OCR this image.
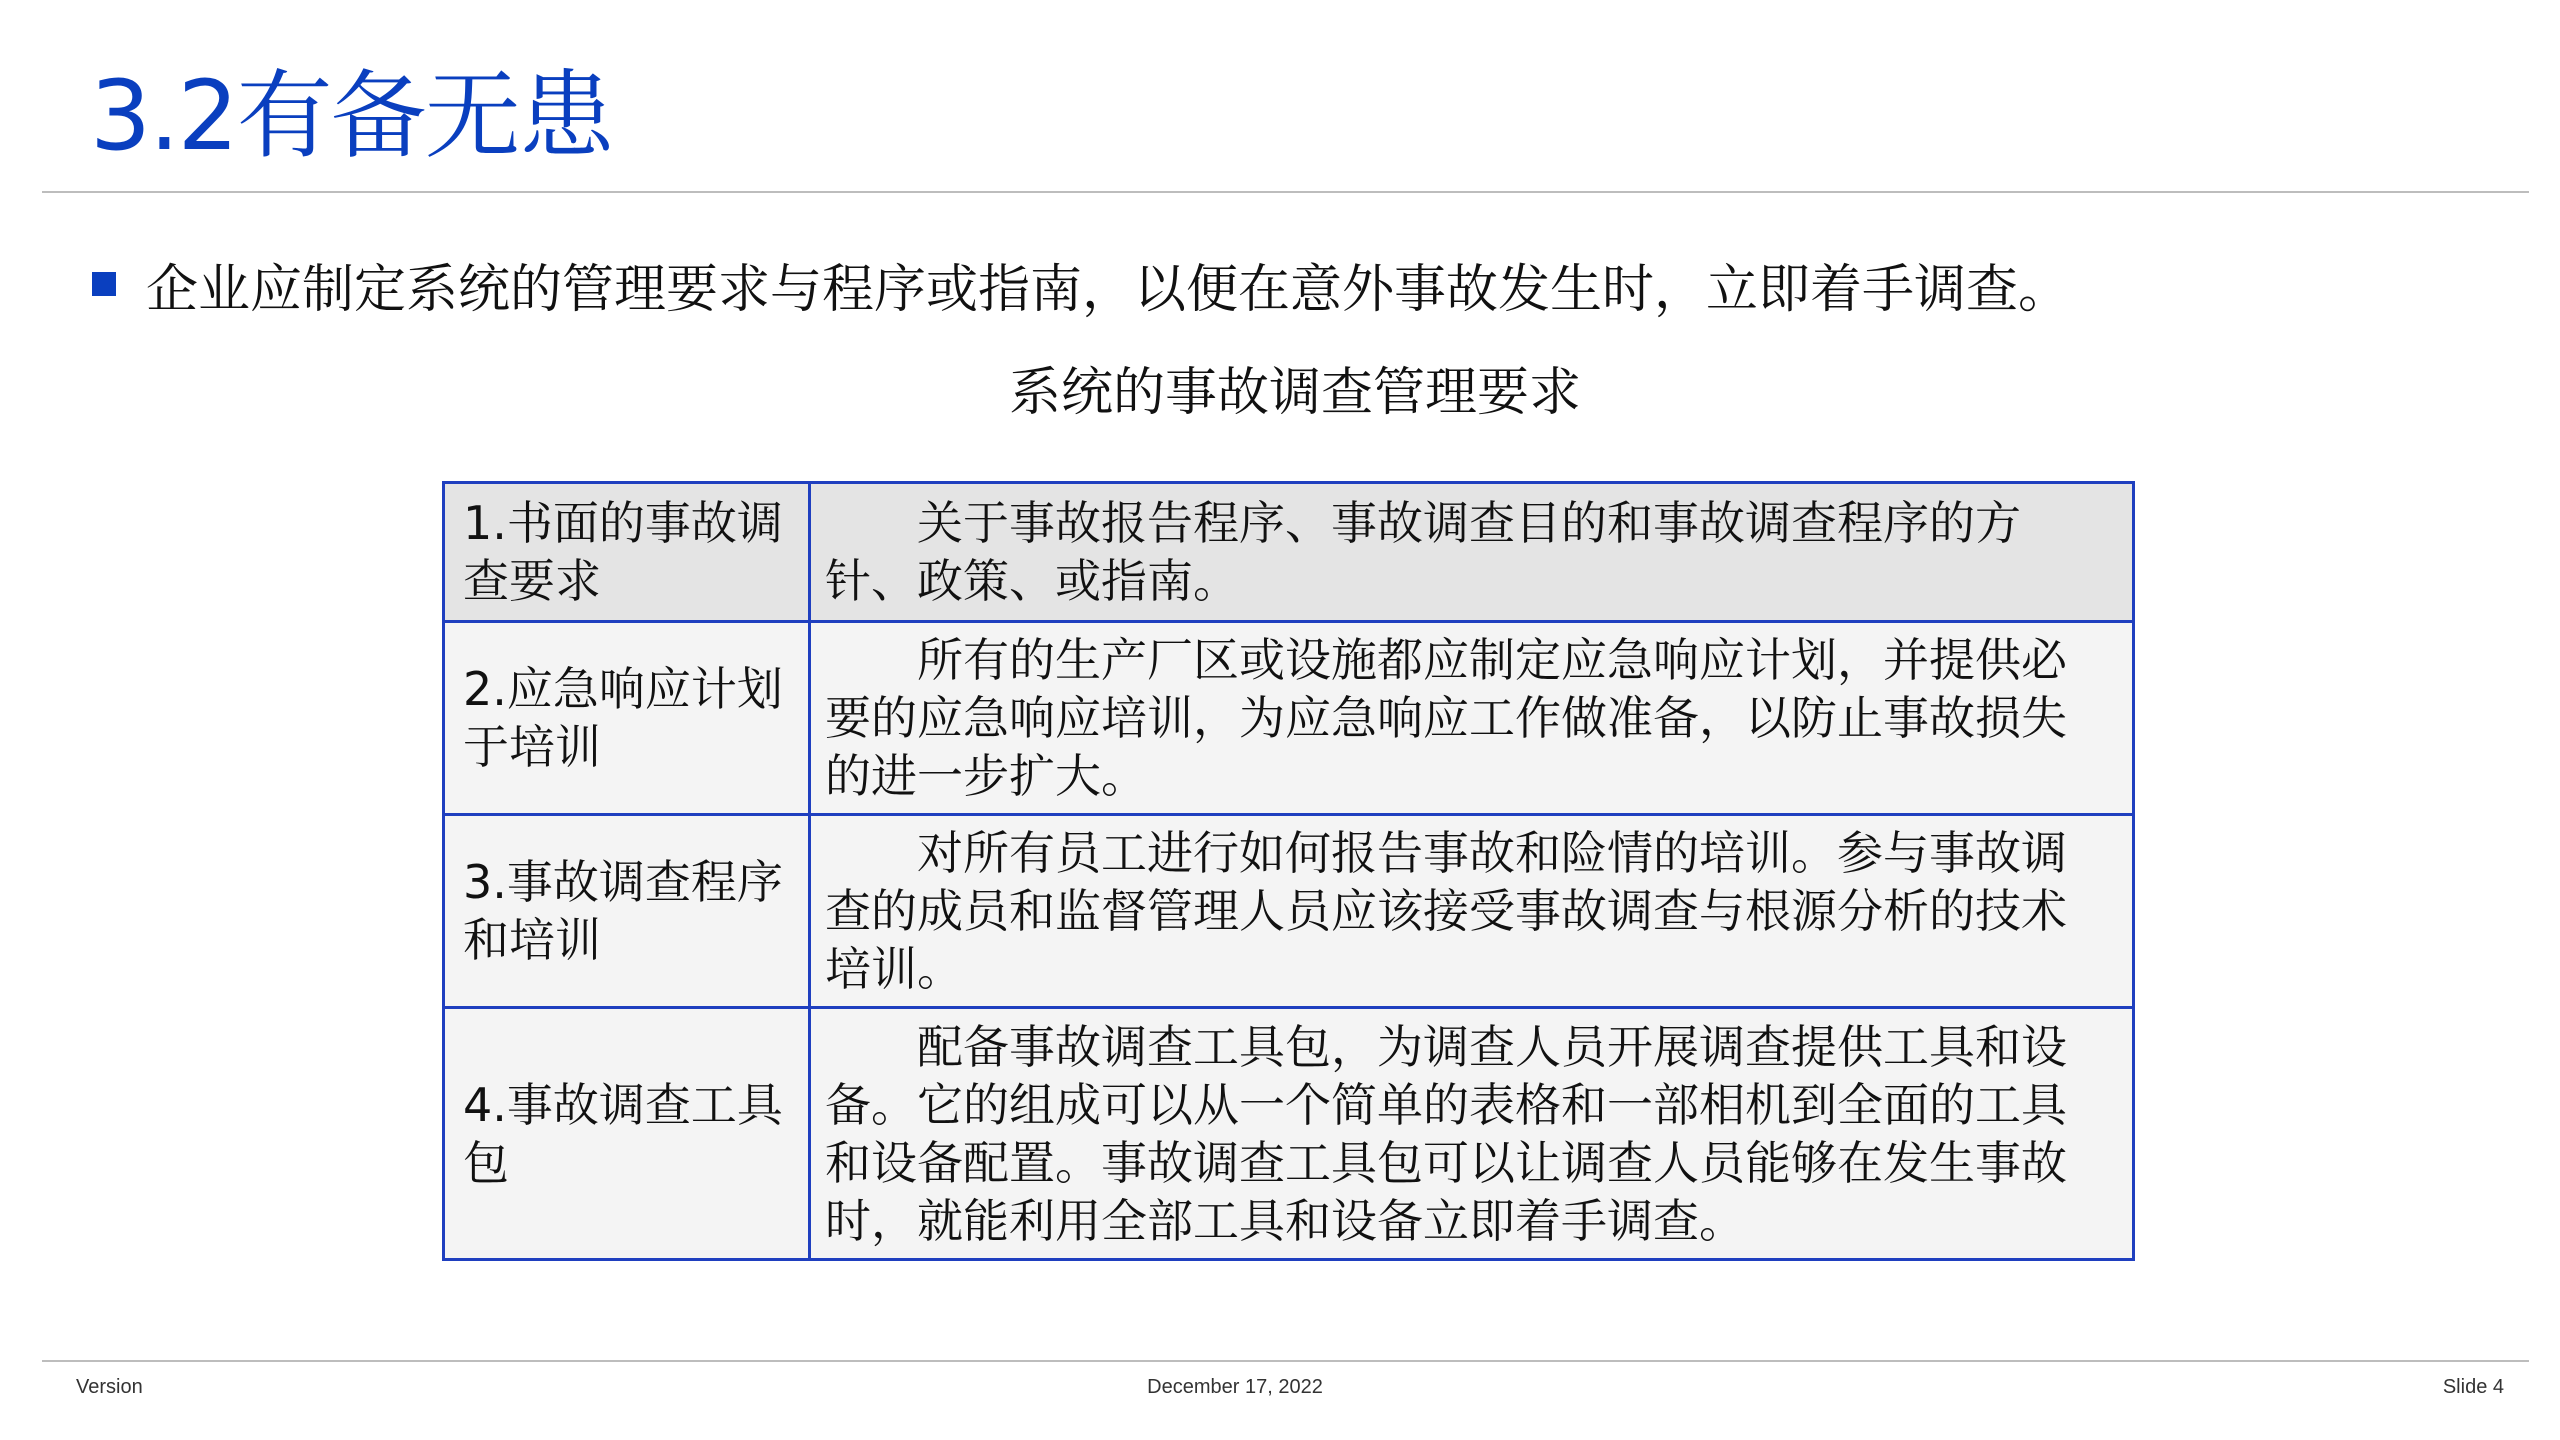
3.2有备无患
企业应制定系统的管理要求与程序或指南，以便在意外事故发生时，立即着手调查。
系统的事故调查管理要求
1.书面的事故调查要求	关于事故报告程序、事故调查目的和事故调查程序的方针、政策、或指南。
2.应急响应计划于培训	所有的生产厂区或设施都应制定应急响应计划，并提供必要的应急响应培训，为应急响应工作做准备，以防止事故损失的进一步扩大。
3.事故调查程序和培训	对所有员工进行如何报告事故和险情的培训。参与事故调查的成员和监督管理人员应该接受事故调查与根源分析的技术培训。
4.事故调查工具包	配备事故调查工具包，为调查人员开展调查提供工具和设备。它的组成可以从一个简单的表格和一部相机到全面的工具和设备配置。事故调查工具包可以让调查人员能够在发生事故时，就能利用全部工具和设备立即着手调查。
Version	December 17, 2022	Slide 4
